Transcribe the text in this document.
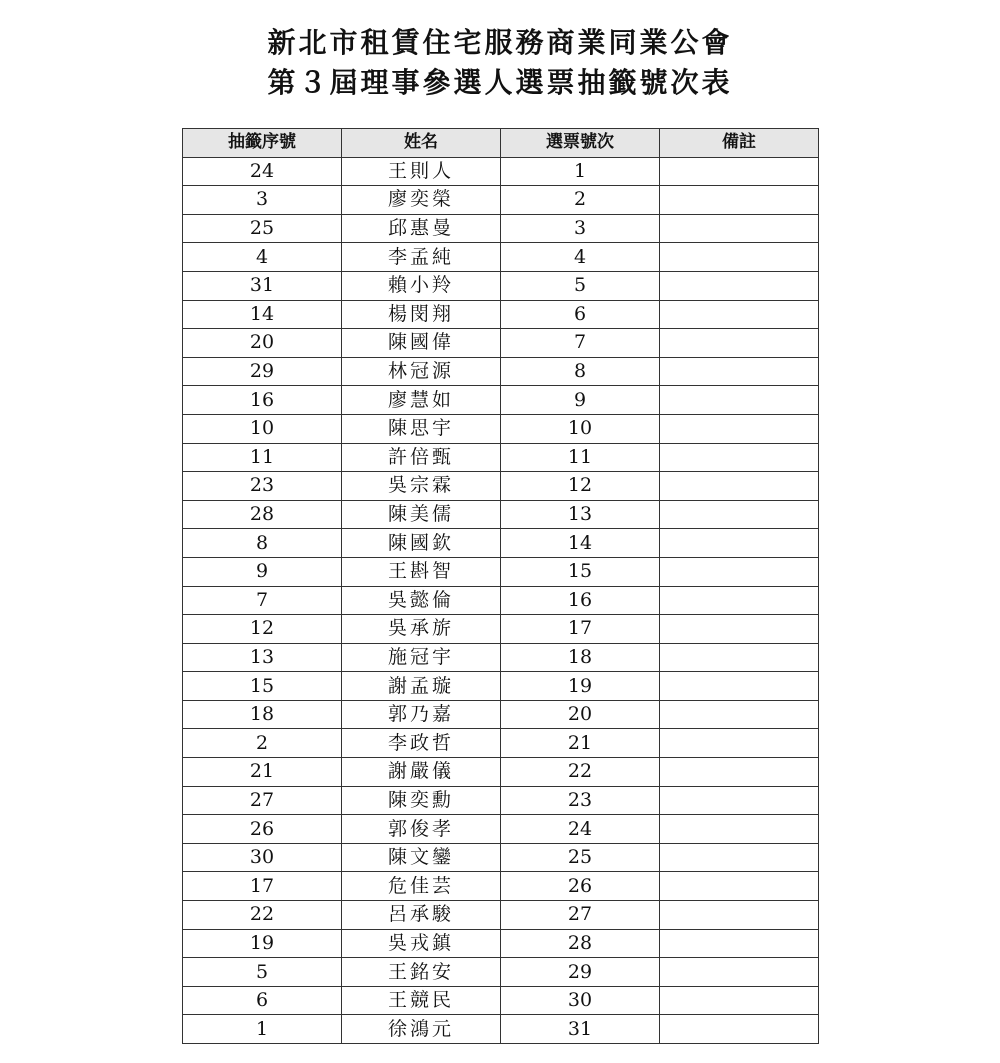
新北市租賃住宅服務商業同業公會
第３屆理事參選人選票抽籤號次表
抽籤序號	姓名	選票號次	備註
24	王則人	1	
3	廖奕榮	2	
25	邱惠曼	3	
4	李孟純	4	
31	賴小羚	5	
14	楊閔翔	6	
20	陳國偉	7	
29	林冠源	8	
16	廖慧如	9	
10	陳思宇	10	
11	許倍甄	11	
23	吳宗霖	12	
28	陳美儒	13	
8	陳國欽	14	
9	王斟智	15	
7	吳懿倫	16	
12	吳承旂	17	
13	施冠宇	18	
15	謝孟璇	19	
18	郭乃嘉	20	
2	李政哲	21	
21	謝嚴儀	22	
27	陳奕勳	23	
26	郭俊孝	24	
30	陳文鑾	25	
17	危佳芸	26	
22	呂承駿	27	
19	吳戎鎮	28	
5	王銘安	29	
6	王競民	30	
1	徐鴻元	31	
